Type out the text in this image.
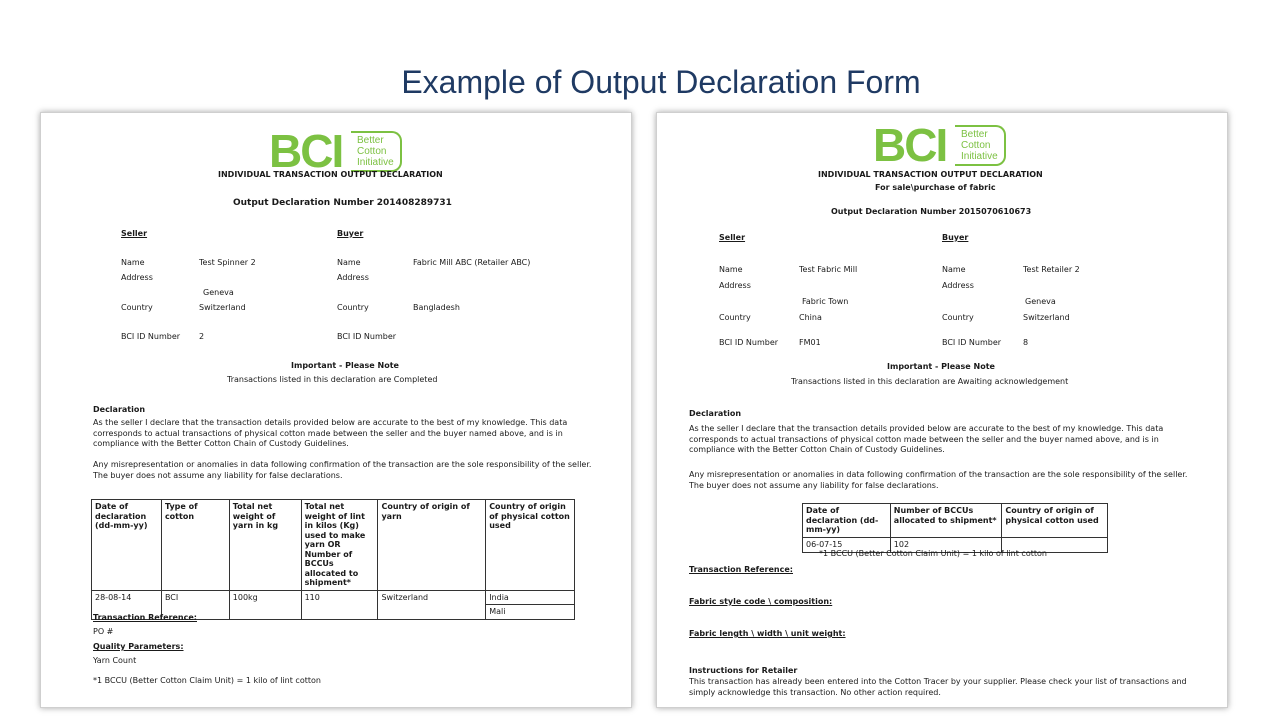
Example of Output Declaration Form
BCI Better
Cotton
Initiative
INDIVIDUAL TRANSACTION OUTPUT DECLARATION
Output Declaration Number 201408289731
Seller	Buyer
Name	Test Spinner 2	Name	Fabric Mill ABC (Retailer ABC)
Address	Address
Geneva
Country	Switzerland	Country	Bangladesh
BCI ID Number 2	BCI ID Number
Important - Please Note
Transactions listed in this declaration are Completed
Declaration
As the seller I declare that the transaction details provided below are accurate to the best of my knowledge. This data corresponds to actual transactions of physical cotton made between the seller and the buyer named above, and is in compliance with the Better Cotton Chain of Custody Guidelines.
Any misrepresentation or anomalies in data following confirmation of the transaction are the sole responsibility of the seller. The buyer does not assume any liability for false declarations.
Date of declaration (dd-mm-yy)	Type of cotton	Total net weight of yarn in kg	Total net weight of lint in kilos (Kg) used to make yarn OR Number of BCCUs allocated to shipment*	Country of origin of yarn	Country of origin of physical cotton used
28-08-14	BCI	100kg	110	Switzerland	India
					Mali
Transaction Reference:
PO #
Quality Parameters:
Yarn Count
*1 BCCU (Better Cotton Claim Unit) = 1 kilo of lint cotton
BCI Better
Cotton
Initiative
INDIVIDUAL TRANSACTION OUTPUT DECLARATION
For sale\purchase of fabric
Output Declaration Number 2015070610673
Seller	Buyer
Name	Test Fabric Mill	Name	Test Retailer 2
Address	Address
Fabric Town	Geneva
Country	China	Country	Switzerland
BCI ID Number	FM01	BCI ID Number	8
Important - Please Note
Transactions listed in this declaration are Awaiting acknowledgement
Declaration
As the seller I declare that the transaction details provided below are accurate to the best of my knowledge. This data corresponds to actual transactions of physical cotton made between the seller and the buyer named above, and is in compliance with the Better Cotton Chain of Custody Guidelines.
Any misrepresentation or anomalies in data following confirmation of the transaction are the sole responsibility of the seller. The buyer does not assume any liability for false declarations.
Date of declaration (dd-mm-yy)	Number of BCCUs allocated to shipment*	Country of origin of physical cotton used
06-07-15	102	
*1 BCCU (Better Cotton Claim Unit) = 1 kilo of lint cotton
Transaction Reference:
Fabric style code \ composition:
Fabric length \ width \ unit weight:
Instructions for Retailer
This transaction has already been entered into the Cotton Tracer by your supplier. Please check your list of transactions and simply acknowledge this transaction. No other action required.
